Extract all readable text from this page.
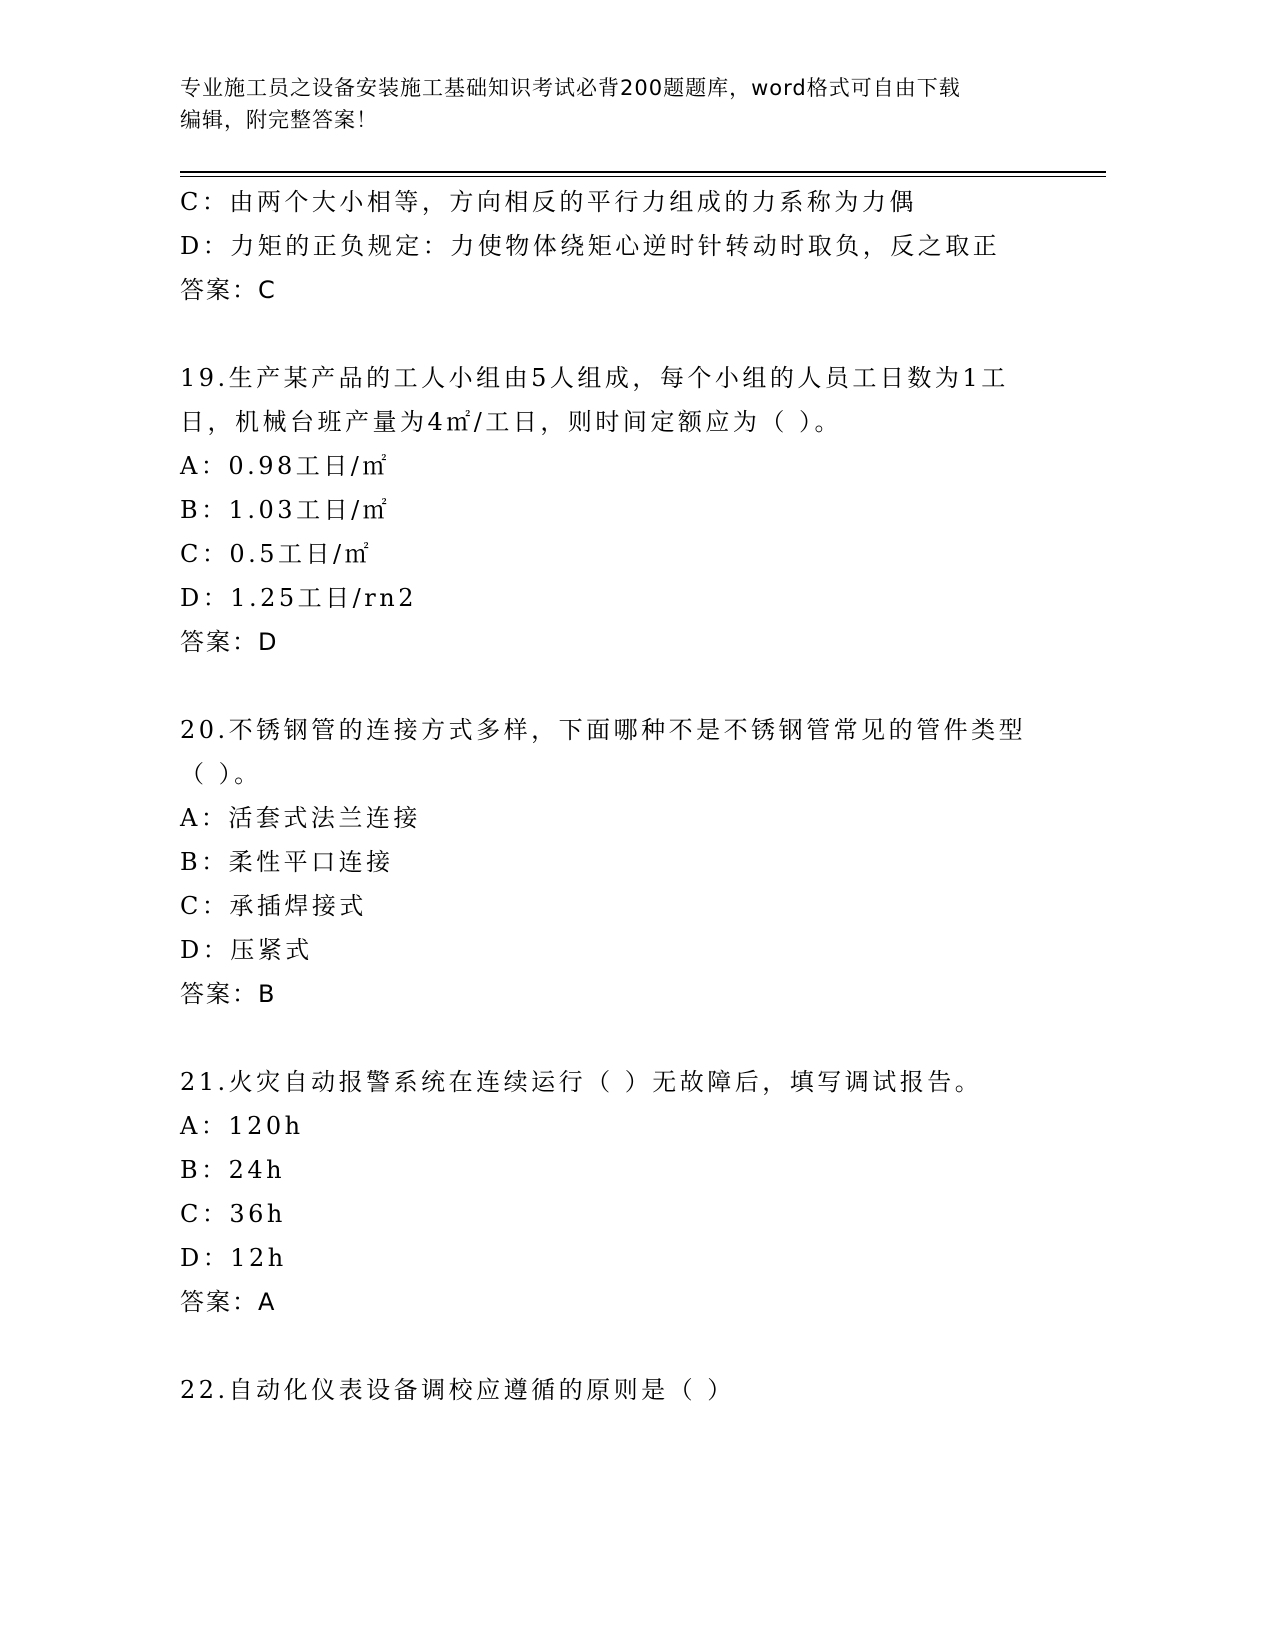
专业施工员之设备安装施工基础知识考试必背200题题库，word格式可自由下载
编辑，附完整答案！
C：由两个大小相等，方向相反的平行力组成的力系称为力偶
D：力矩的正负规定：力使物体绕矩心逆时针转动时取负，反之取正
答案：C
19.生产某产品的工人小组由5人组成，每个小组的人员工日数为1工
日，机械台班产量为4㎡/工日，则时间定额应为（ ）。
A：0.98工日/㎡
B：1.03工日/㎡
C：0.5工日/㎡
D：1.25工日/rn2
答案：D
20.不锈钢管的连接方式多样，下面哪种不是不锈钢管常见的管件类型
（ ）。
A：活套式法兰连接
B：柔性平口连接
C：承插焊接式
D：压紧式
答案：B
21.火灾自动报警系统在连续运行（ ）无故障后，填写调试报告。
A：120h
B：24h
C：36h
D：12h
答案：A
22.自动化仪表设备调校应遵循的原则是（ ）
